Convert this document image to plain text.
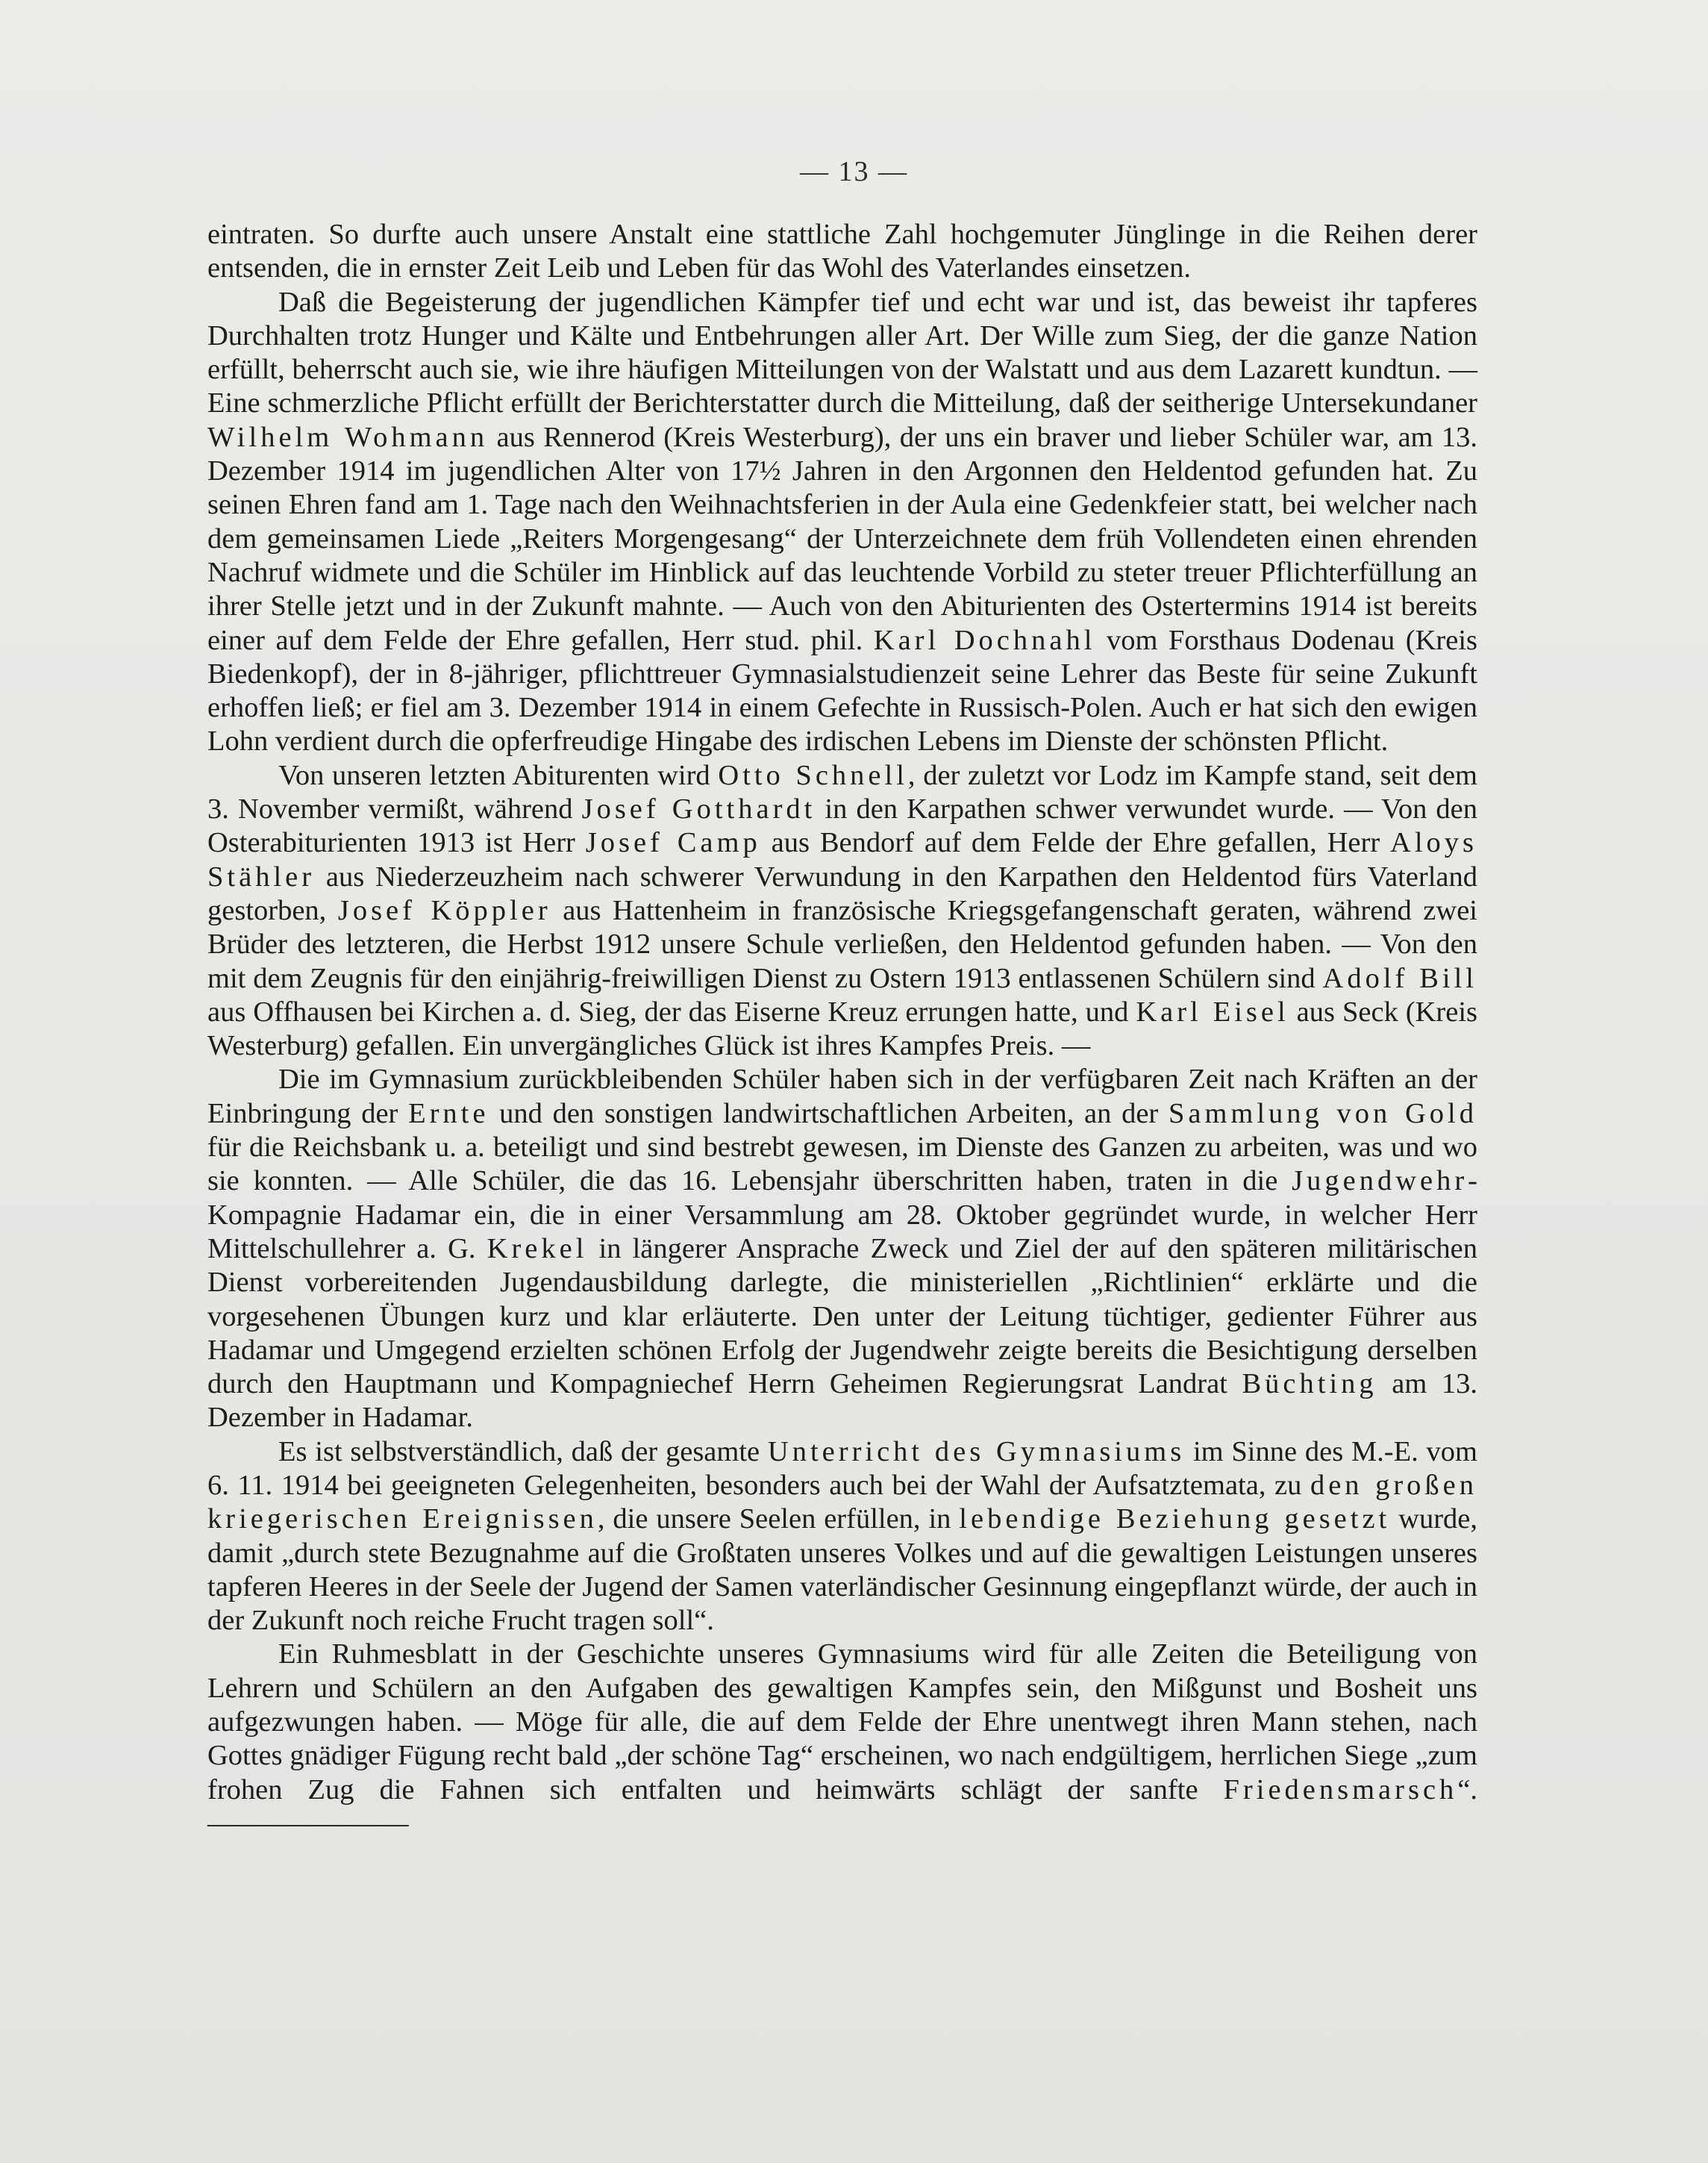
— 13 —

eintraten. So durfte auch unsere Anstalt eine stattliche Zahl hochgemuter Jünglinge in die Reihen derer entsenden, die in ernster Zeit Leib und Leben für das Wohl des Vaterlandes einsetzen.

Daß die Begeisterung der jugendlichen Kämpfer tief und echt war und ist, das beweist ihr tapferes Durchhalten trotz Hunger und Kälte und Entbehrungen aller Art. Der Wille zum Sieg, der die ganze Nation erfüllt, beherrscht auch sie, wie ihre häufigen Mitteilungen von der Walstatt und aus dem Lazarett kundtun. — Eine schmerzliche Pflicht erfüllt der Berichterstatter durch die Mitteilung, daß der seitherige Untersekundaner Wilhelm Wohmann aus Rennerod (Kreis Westerburg), der uns ein braver und lieber Schüler war, am 13. Dezember 1914 im jugendlichen Alter von 17½ Jahren in den Argonnen den Heldentod gefunden hat. Zu seinen Ehren fand am 1. Tage nach den Weihnachtsferien in der Aula eine Gedenkfeier statt, bei welcher nach dem gemeinsamen Liede „Reiters Morgengesang“ der Unterzeichnete dem früh Vollendeten einen ehrenden Nachruf widmete und die Schüler im Hinblick auf das leuchtende Vorbild zu steter treuer Pflichterfüllung an ihrer Stelle jetzt und in der Zukunft mahnte. — Auch von den Abiturienten des Ostertermins 1914 ist bereits einer auf dem Felde der Ehre gefallen, Herr stud. phil. Karl Dochnahl vom Forsthaus Dodenau (Kreis Biedenkopf), der in 8-jähriger, pflichttreuer Gymnasialstudienzeit seine Lehrer das Beste für seine Zukunft erhoffen ließ; er fiel am 3. Dezember 1914 in einem Gefechte in Russisch-Polen. Auch er hat sich den ewigen Lohn verdient durch die opferfreudige Hingabe des irdischen Lebens im Dienste der schönsten Pflicht.

Von unseren letzten Abiturenten wird Otto Schnell, der zuletzt vor Lodz im Kampfe stand, seit dem 3. November vermißt, während Josef Gotthardt in den Karpathen schwer verwundet wurde. — Von den Osterabiturienten 1913 ist Herr Josef Camp aus Bendorf auf dem Felde der Ehre gefallen, Herr Aloys Stähler aus Niederzeuzheim nach schwerer Verwundung in den Karpathen den Heldentod fürs Vaterland gestorben, Josef Köppler aus Hattenheim in französische Kriegsgefangenschaft geraten, während zwei Brüder des letzteren, die Herbst 1912 unsere Schule verließen, den Heldentod gefunden haben. — Von den mit dem Zeugnis für den einjährig-freiwilligen Dienst zu Ostern 1913 entlassenen Schülern sind Adolf Bill aus Offhausen bei Kirchen a. d. Sieg, der das Eiserne Kreuz errungen hatte, und Karl Eisel aus Seck (Kreis Westerburg) gefallen. Ein unvergängliches Glück ist ihres Kampfes Preis. —

Die im Gymnasium zurückbleibenden Schüler haben sich in der verfügbaren Zeit nach Kräften an der Einbringung der Ernte und den sonstigen landwirtschaftlichen Arbeiten, an der Sammlung von Gold für die Reichsbank u. a. beteiligt und sind bestrebt gewesen, im Dienste des Ganzen zu arbeiten, was und wo sie konnten. — Alle Schüler, die das 16. Lebensjahr überschritten haben, traten in die Jugendwehr-Kompagnie Hadamar ein, die in einer Versammlung am 28. Oktober gegründet wurde, in welcher Herr Mittelschullehrer a. G. Krekel in längerer Ansprache Zweck und Ziel der auf den späteren militärischen Dienst vorbereitenden Jugendausbildung darlegte, die ministeriellen „Richtlinien“ erklärte und die vorgesehenen Übungen kurz und klar erläuterte. Den unter der Leitung tüchtiger, gedienter Führer aus Hadamar und Umgegend erzielten schönen Erfolg der Jugendwehr zeigte bereits die Besichtigung derselben durch den Hauptmann und Kompagniechef Herrn Geheimen Regierungsrat Landrat Büchting am 13. Dezember in Hadamar.

Es ist selbstverständlich, daß der gesamte Unterricht des Gymnasiums im Sinne des M.-E. vom 6. 11. 1914 bei geeigneten Gelegenheiten, besonders auch bei der Wahl der Aufsatztemata, zu den großen kriegerischen Ereignissen, die unsere Seelen erfüllen, in lebendige Beziehung gesetzt wurde, damit „durch stete Bezugnahme auf die Großtaten unseres Volkes und auf die gewaltigen Leistungen unseres tapferen Heeres in der Seele der Jugend der Samen vaterländischer Gesinnung eingepflanzt würde, der auch in der Zukunft noch reiche Frucht tragen soll“.

Ein Ruhmesblatt in der Geschichte unseres Gymnasiums wird für alle Zeiten die Beteiligung von Lehrern und Schülern an den Aufgaben des gewaltigen Kampfes sein, den Mißgunst und Bosheit uns aufgezwungen haben. — Möge für alle, die auf dem Felde der Ehre unentwegt ihren Mann stehen, nach Gottes gnädiger Fügung recht bald „der schöne Tag“ erscheinen, wo nach endgültigem, herrlichen Siege „zum frohen Zug die Fahnen sich entfalten und heimwärts schlägt der sanfte Friedensmarsch“. ———————
